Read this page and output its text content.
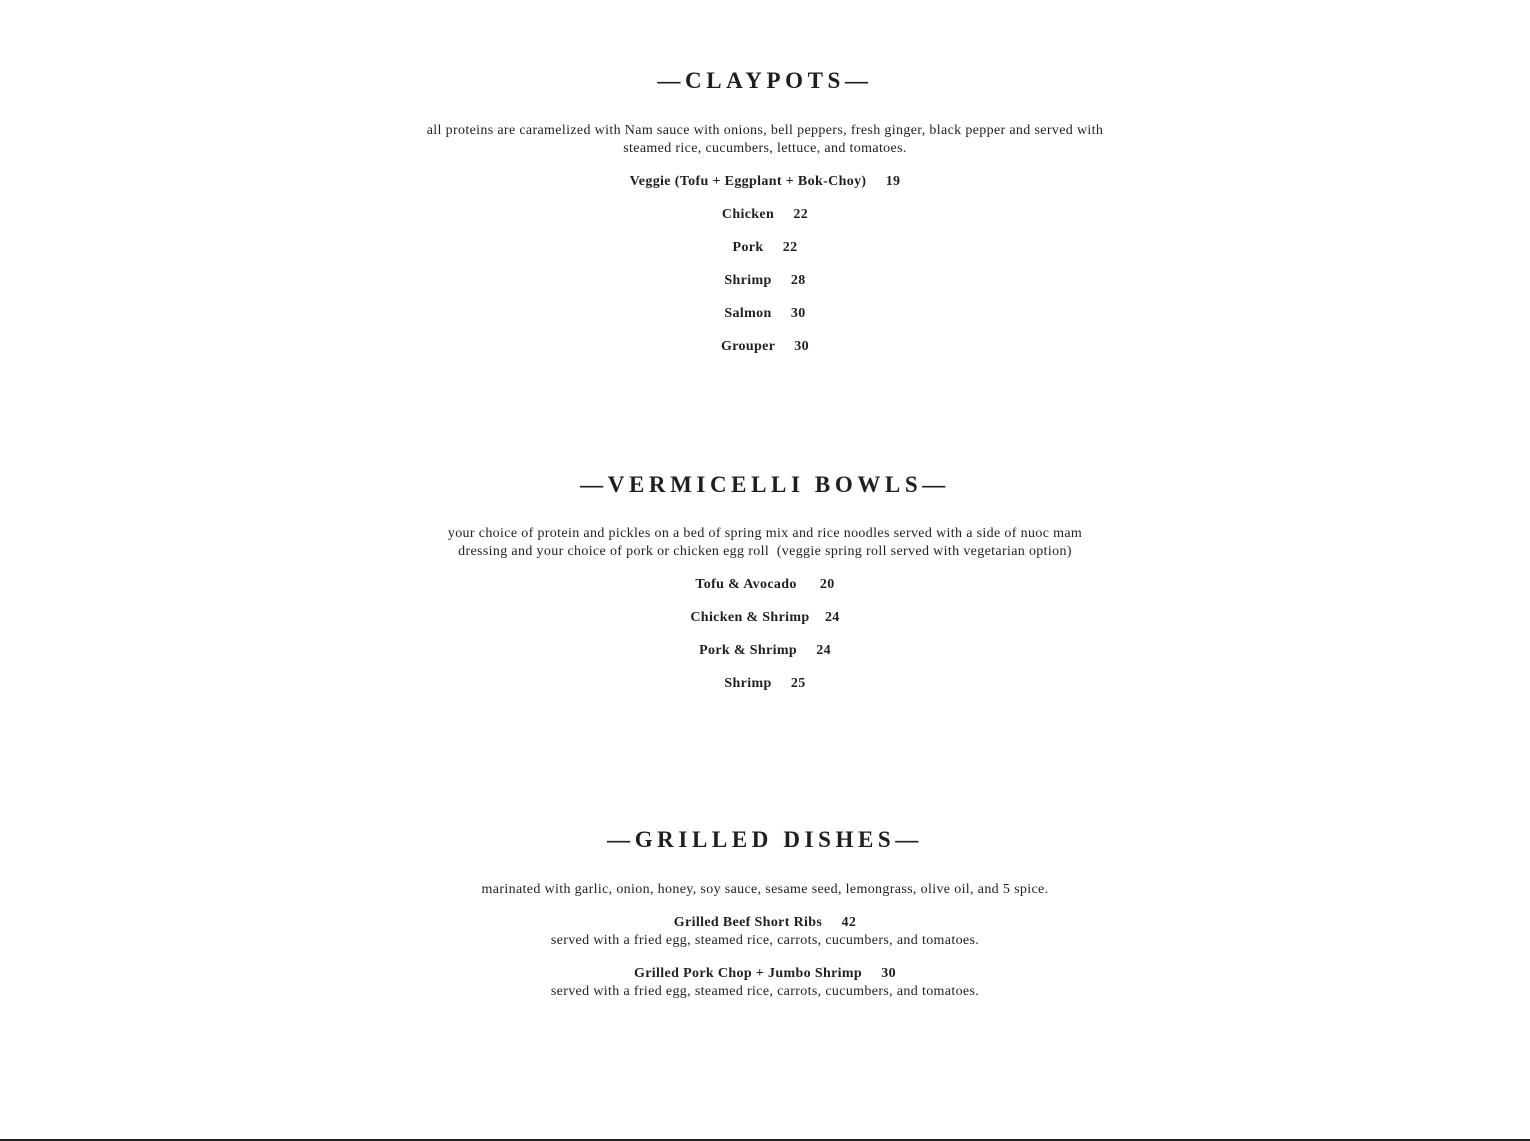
—CLAYPOTS—

all proteins are caramelized with Nam sauce with onions, bell peppers, fresh ginger, black pepper and served with steamed rice, cucumbers, lettuce, and tomatoes.

Veggie (Tofu + Eggplant + Bok-Choy) 19

Chicken 22

Pork 22

Shrimp 28

Salmon 30

Grouper 30

—VERMICELLI BOWLS—

your choice of protein and pickles on a bed of spring mix and rice noodles served with a side of nuoc mam

dressing and your choice of pork or chicken egg roll  (veggie spring roll served with vegetarian option)

Tofu & Avocado 20

Chicken & Shrimp 24

Pork & Shrimp 24

Shrimp 25

—GRILLED DISHES—

marinated with garlic, onion, honey, soy sauce, sesame seed, lemongrass, olive oil, and 5 spice.

Grilled Beef Short Ribs 42

served with a fried egg, steamed rice, carrots, cucumbers, and tomatoes.

Grilled Pork Chop + Jumbo Shrimp 30

served with a fried egg, steamed rice, carrots, cucumbers, and tomatoes.
